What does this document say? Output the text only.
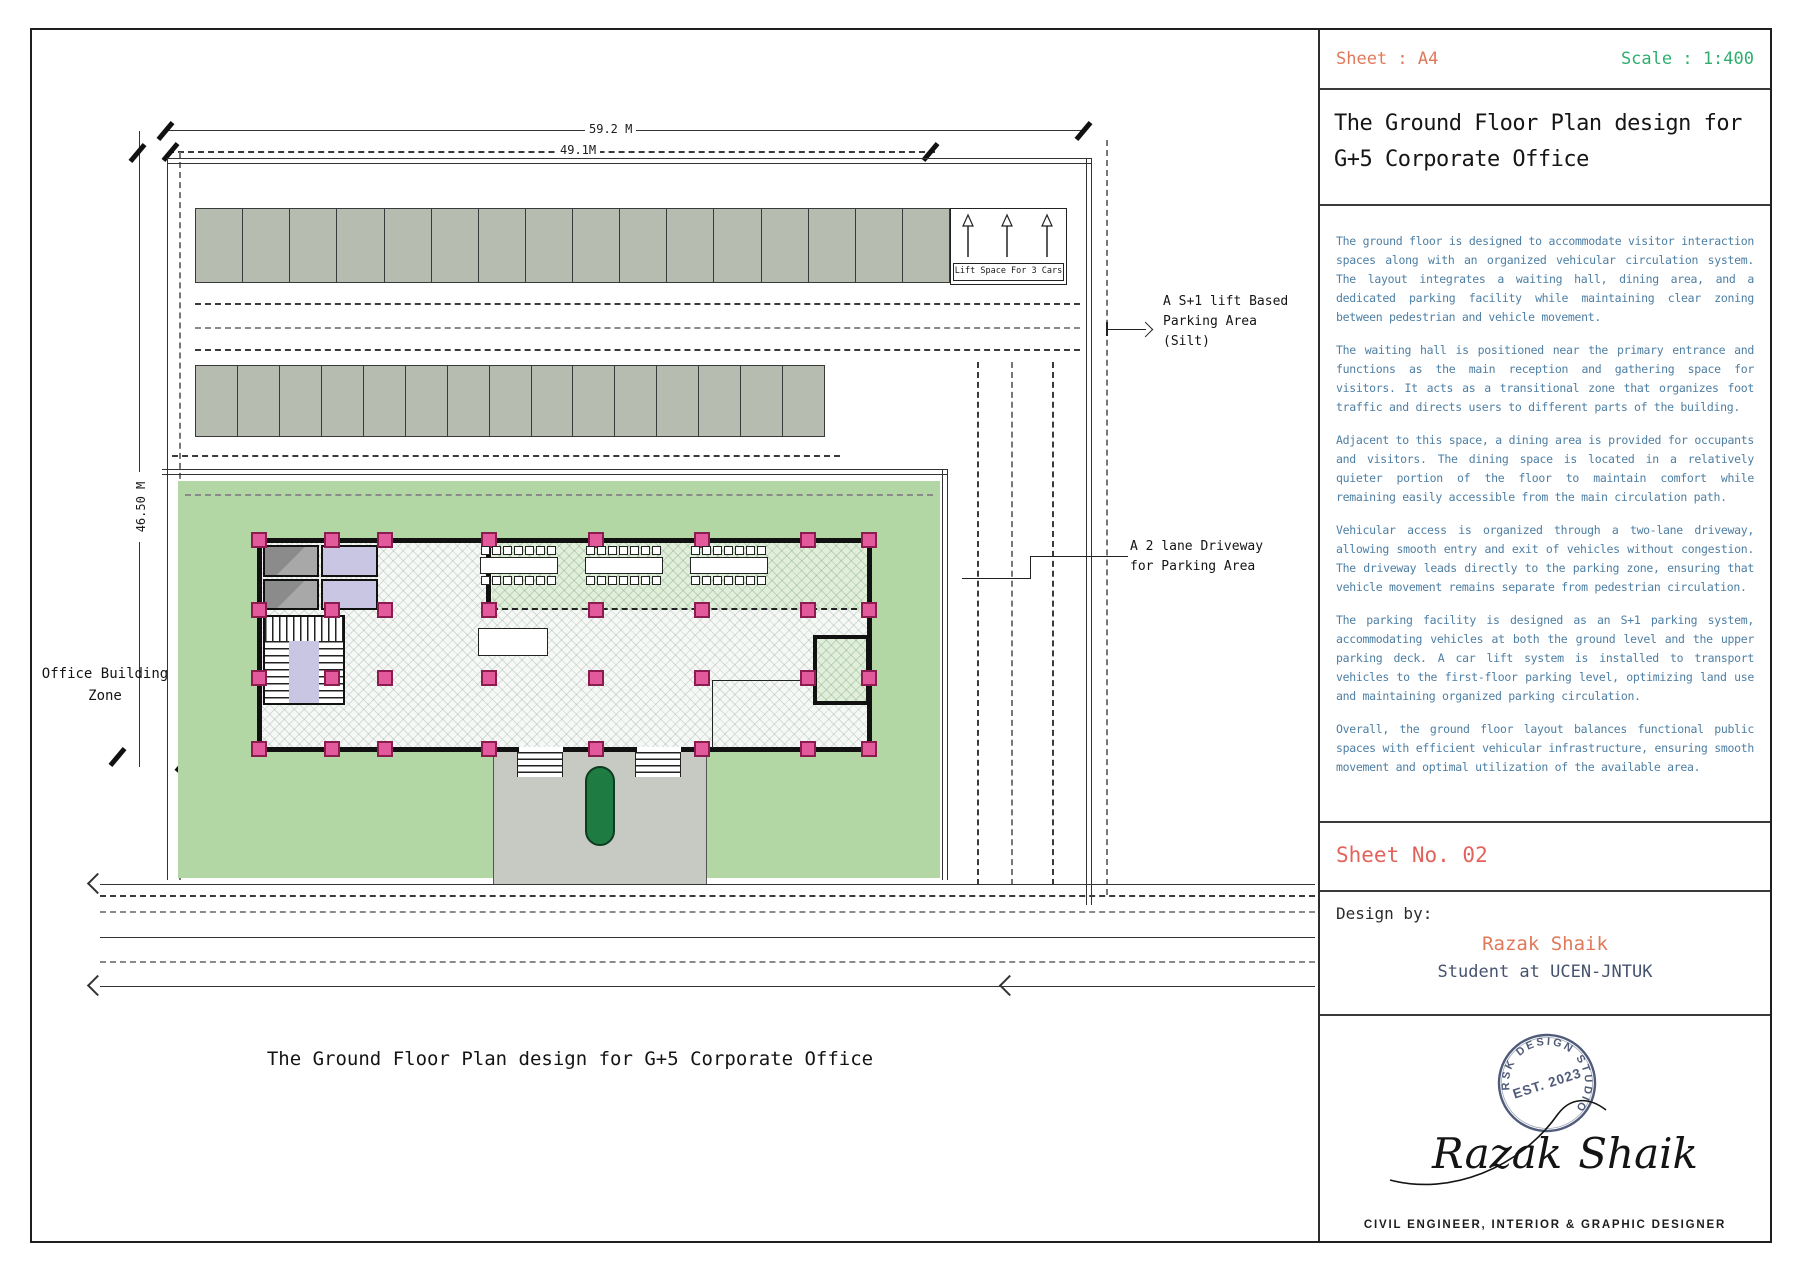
59.2 M
49.1M
46.50 M
Lift Space For 3 Cars
A S+1 lift Based
Parking Area
(Silt)
A 2 lane Driveway
for Parking Area
Office Building
Zone
The Ground Floor Plan design for G+5 Corporate Office
Sheet : A4	Scale : 1:400
The Ground Floor Plan design for G+5 Corporate Office

The ground floor is designed to accommodate visitor interaction spaces along with an organized vehicular circulation system. The layout integrates a waiting hall, dining area, and a dedicated parking facility while maintaining clear zoning between pedestrian and vehicle movement.

The waiting hall is positioned near the primary entrance and functions as the main reception and gathering space for visitors. It acts as a transitional zone that organizes foot traffic and directs users to different parts of the building.

Adjacent to this space, a dining area is provided for occupants and visitors. The dining space is located in a relatively quieter portion of the floor to maintain comfort while remaining easily accessible from the main circulation path.

Vehicular access is organized through a two-lane driveway, allowing smooth entry and exit of vehicles without congestion. The driveway leads directly to the parking zone, ensuring that vehicle movement remains separate from pedestrian circulation.

The parking facility is designed as an S+1 parking system, accommodating vehicles at both the ground level and the upper parking deck. A car lift system is installed to transport vehicles to the first-floor parking level, optimizing land use and maintaining organized parking circulation.

Overall, the ground floor layout balances functional public spaces with efficient vehicular infrastructure, ensuring smooth movement and optimal utilization of the available area.

Sheet No. 02
Design by:
Razak Shaik
Student at UCEN-JNTUK
RSK DESIGN STUDIO
EST. 2023
Razak Shaik
CIVIL ENGINEER, INTERIOR & GRAPHIC DESIGNER
